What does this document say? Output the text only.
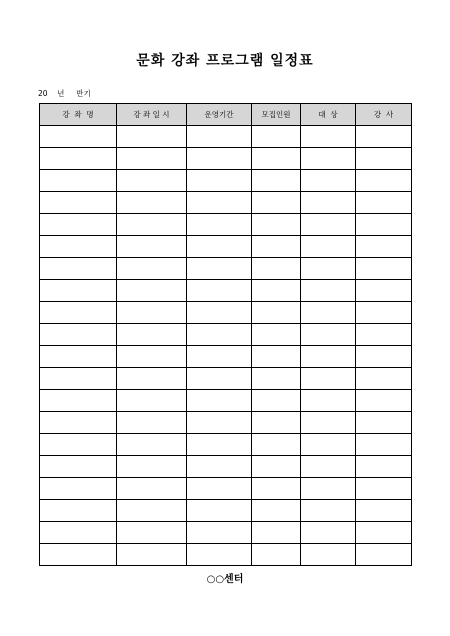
문화 강좌 프로그램 일정표
20    년     반기
강  좌  명	강 좌 일 시	운영기간	모집인원	대  상	강  사

○○센터
